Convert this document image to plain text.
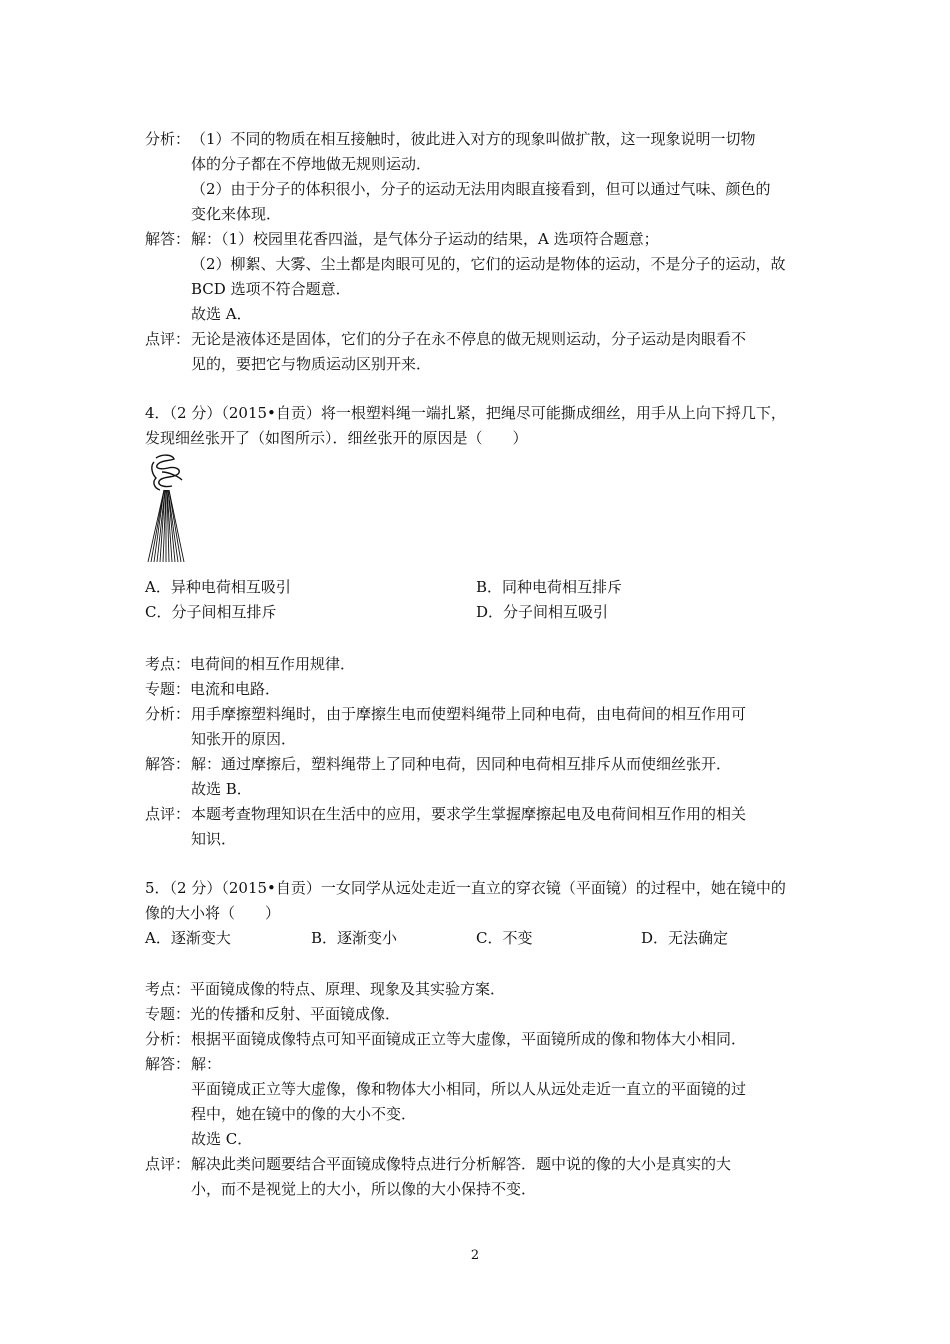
分析：（1）不同的物质在相互接触时，彼此进入对方的现象叫做扩散，这一现象说明一切物
体的分子都在不停地做无规则运动．
（2）由于分子的体积很小，分子的运动无法用肉眼直接看到，但可以通过气味、颜色的
变化来体现．
解答：解：（1）校园里花香四溢，是气体分子运动的结果，A 选项符合题意；
（2）柳絮、大雾、尘土都是肉眼可见的，它们的运动是物体的运动，不是分子的运动，故
BCD 选项不符合题意．
故选 A．
点评：无论是液体还是固体，它们的分子在永不停息的做无规则运动，分子运动是肉眼看不
见的，要把它与物质运动区别开来．
4．（2 分）（2015•自贡）将一根塑料绳一端扎紧，把绳尽可能撕成细丝，用手从上向下捋几下，
发现细丝张开了（如图所示）．细丝张开的原因是（　　）
A．异种电荷相互吸引	B．同种电荷相互排斥
C．分子间相互排斥	D．分子间相互吸引
考点：电荷间的相互作用规律．
专题：电流和电路．
分析：用手摩擦塑料绳时，由于摩擦生电而使塑料绳带上同种电荷，由电荷间的相互作用可
知张开的原因．
解答：解：通过摩擦后，塑料绳带上了同种电荷，因同种电荷相互排斥从而使细丝张开．
故选 B．
点评：本题考查物理知识在生活中的应用，要求学生掌握摩擦起电及电荷间相互作用的相关
知识．
5．（2 分）（2015•自贡）一女同学从远处走近一直立的穿衣镜（平面镜）的过程中，她在镜中的
像的大小将（　　）
A．逐渐变大	B．逐渐变小	C．不变	D．无法确定
考点：平面镜成像的特点、原理、现象及其实验方案．
专题：光的传播和反射、平面镜成像．
分析：根据平面镜成像特点可知平面镜成正立等大虚像，平面镜所成的像和物体大小相同．
解答：解：
平面镜成正立等大虚像，像和物体大小相同，所以人从远处走近一直立的平面镜的过
程中，她在镜中的像的大小不变．
故选 C．
点评：解决此类问题要结合平面镜成像特点进行分析解答．题中说的像的大小是真实的大
小，而不是视觉上的大小，所以像的大小保持不变．
2
